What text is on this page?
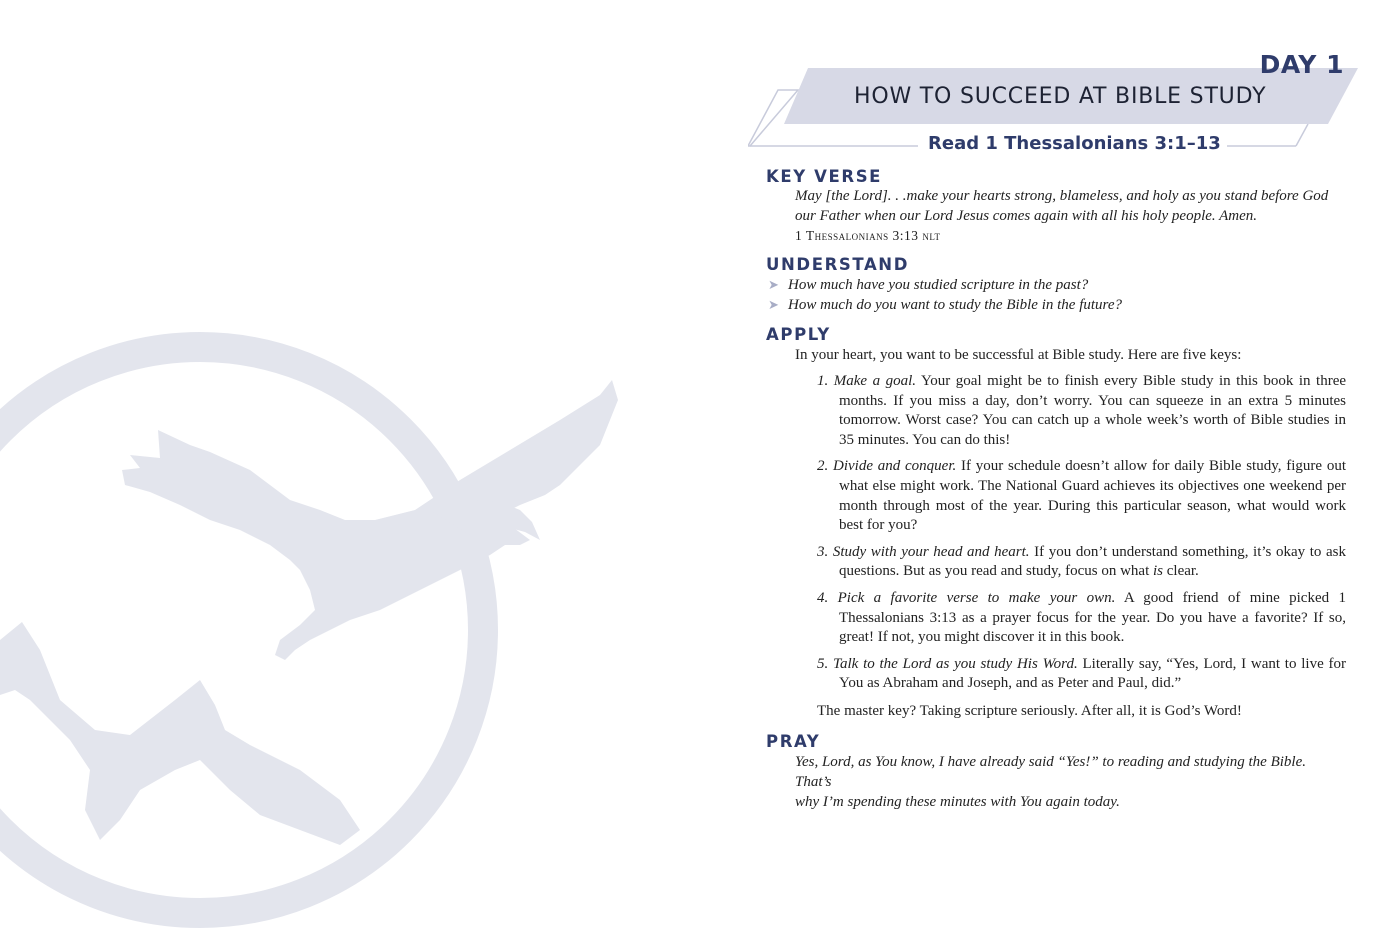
DAY 1
HOW TO SUCCEED AT BIBLE STUDY
Read 1 Thessalonians 3:1–13
KEY VERSE
May [the Lord]. . .make your hearts strong, blameless, and holy as you stand before God
our Father when our Lord Jesus comes again with all his holy people. Amen.
1 Thessalonians 3:13 nlt
UNDERSTAND
➤ How much have you studied scripture in the past?
➤ How much do you want to study the Bible in the future?
APPLY
In your heart, you want to be successful at Bible study. Here are five keys:
1. Make a goal. Your goal might be to finish every Bible study in this book in three months. If you miss a day, don’t worry. You can squeeze in an extra 5 minutes tomorrow. Worst case? You can catch up a whole week’s worth of Bible studies in 35 minutes. You can do this!
2. Divide and conquer. If your schedule doesn’t allow for daily Bible study, figure out what else might work. The National Guard achieves its objectives one weekend per month through most of the year. During this particular season, what would work best for you?
3. Study with your head and heart. If you don’t understand something, it’s okay to ask questions. But as you read and study, focus on what is clear.
4. Pick a favorite verse to make your own. A good friend of mine picked 1 Thessalonians 3:13 as a prayer focus for the year. Do you have a favorite? If so, great! If not, you might discover it in this book.
5. Talk to the Lord as you study His Word. Literally say, “Yes, Lord, I want to live for You as Abraham and Joseph, and as Peter and Paul, did.”
The master key? Taking scripture seriously. After all, it is God’s Word!
PRAY
Yes, Lord, as You know, I have already said “Yes!” to reading and studying the Bible. That’s
why I’m spending these minutes with You again today.
